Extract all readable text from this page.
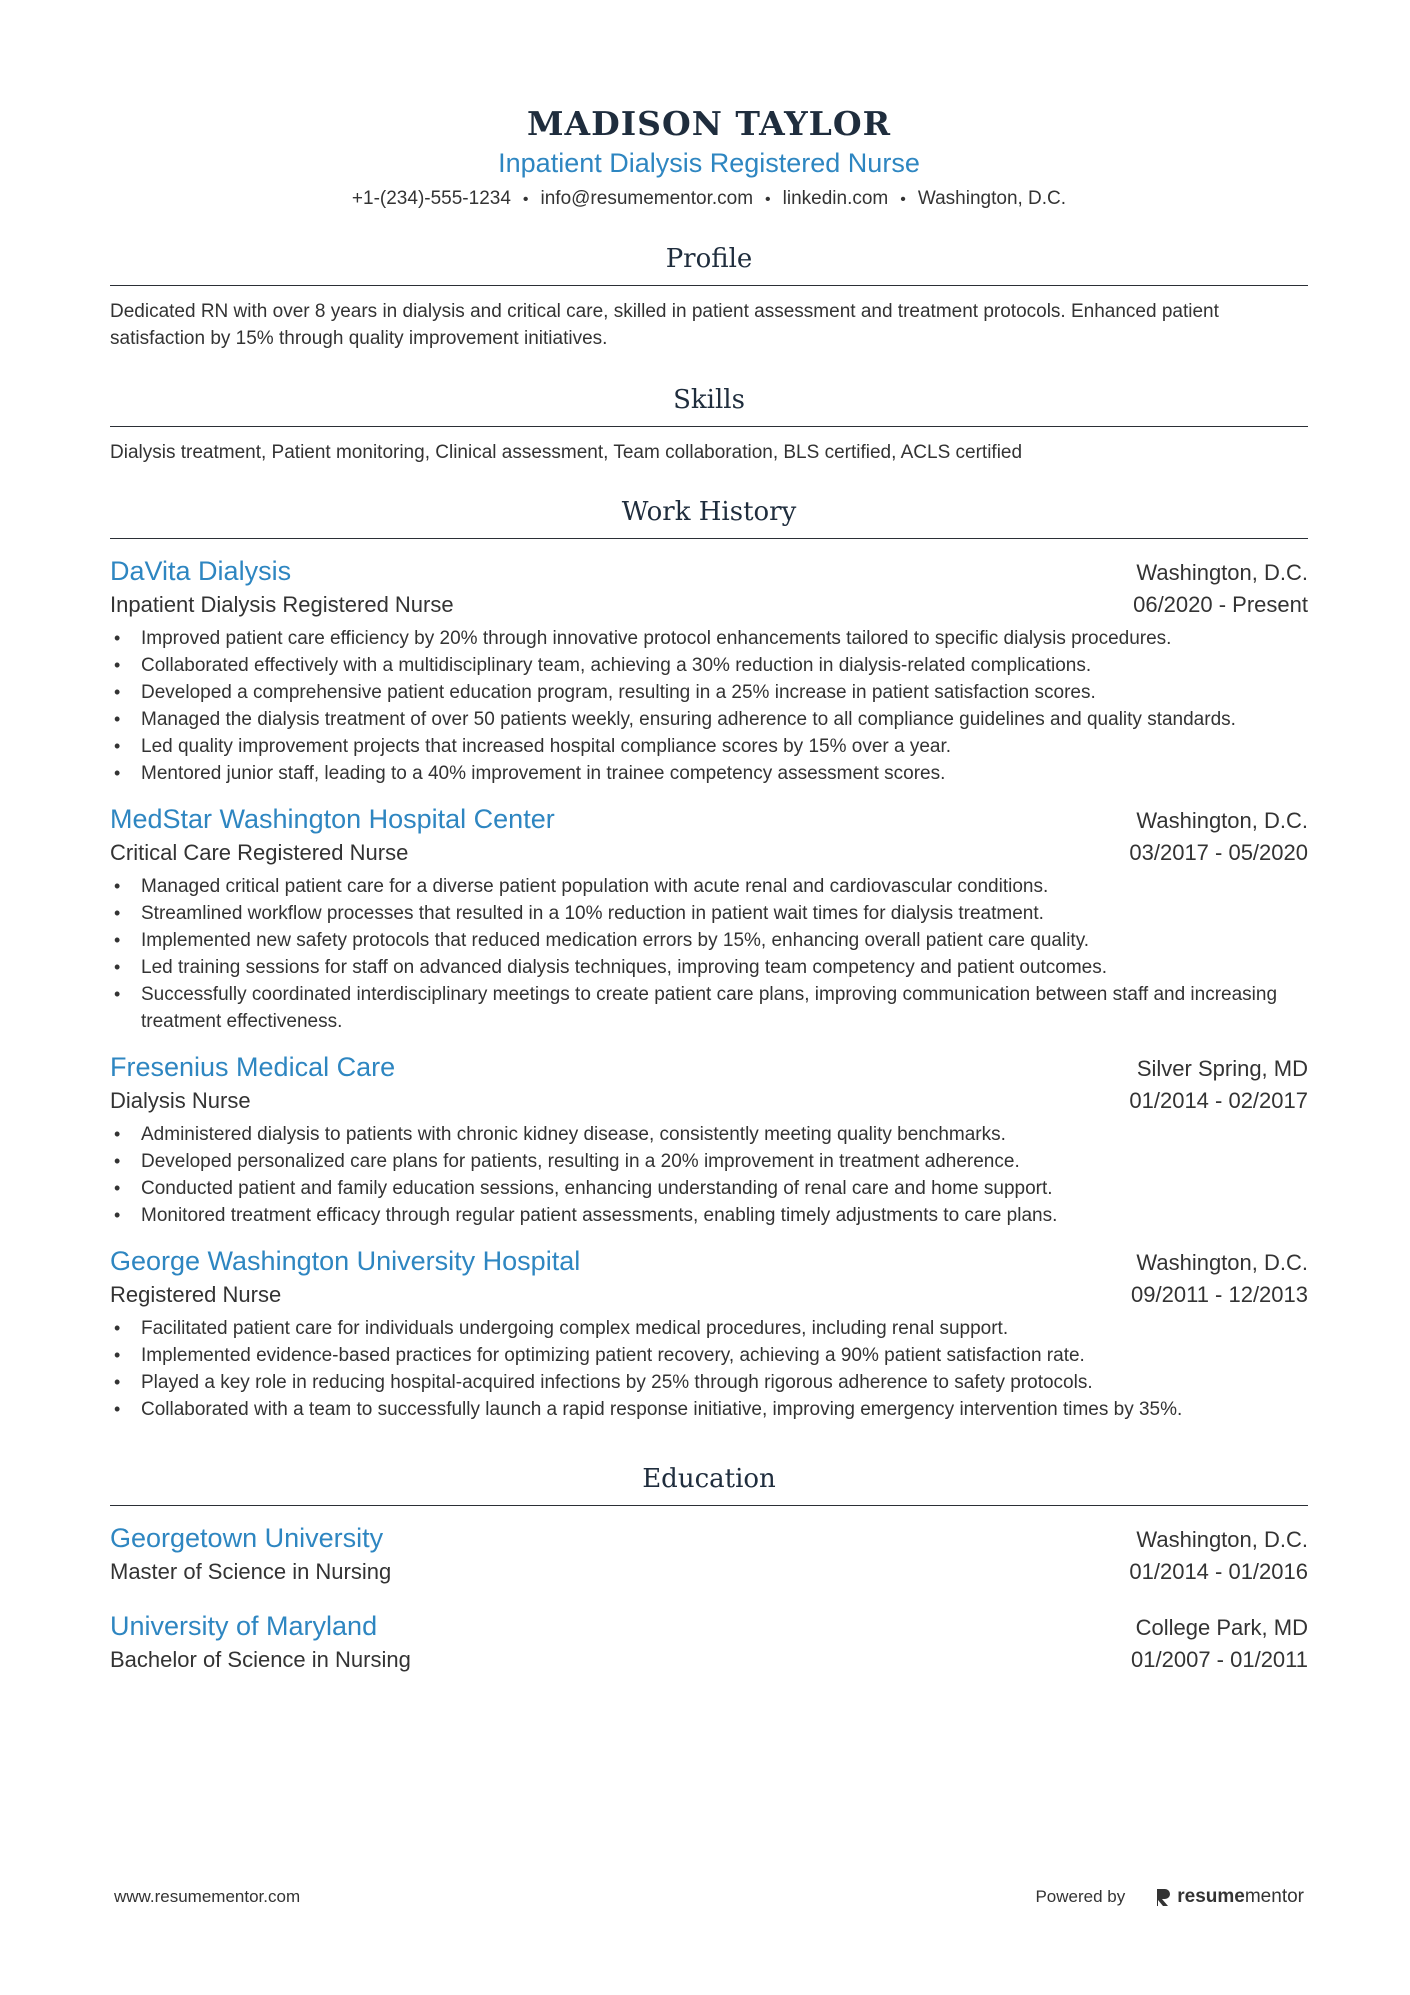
MADISON TAYLOR
Inpatient Dialysis Registered Nurse
+1-(234)-555-1234 • info@resumementor.com • linkedin.com • Washington, D.C.
Profile
Dedicated RN with over 8 years in dialysis and critical care, skilled in patient assessment and treatment protocols. Enhanced patient satisfaction by 15% through quality improvement initiatives.
Skills
Dialysis treatment, Patient monitoring, Clinical assessment, Team collaboration, BLS certified, ACLS certified
Work History
DaVita Dialysis	Washington, D.C.
Inpatient Dialysis Registered Nurse	06/2020 - Present
• Improved patient care efficiency by 20% through innovative protocol enhancements tailored to specific dialysis procedures.
• Collaborated effectively with a multidisciplinary team, achieving a 30% reduction in dialysis-related complications.
• Developed a comprehensive patient education program, resulting in a 25% increase in patient satisfaction scores.
• Managed the dialysis treatment of over 50 patients weekly, ensuring adherence to all compliance guidelines and quality standards.
• Led quality improvement projects that increased hospital compliance scores by 15% over a year.
• Mentored junior staff, leading to a 40% improvement in trainee competency assessment scores.
MedStar Washington Hospital Center	Washington, D.C.
Critical Care Registered Nurse	03/2017 - 05/2020
• Managed critical patient care for a diverse patient population with acute renal and cardiovascular conditions.
• Streamlined workflow processes that resulted in a 10% reduction in patient wait times for dialysis treatment.
• Implemented new safety protocols that reduced medication errors by 15%, enhancing overall patient care quality.
• Led training sessions for staff on advanced dialysis techniques, improving team competency and patient outcomes.
• Successfully coordinated interdisciplinary meetings to create patient care plans, improving communication between staff and increasing treatment effectiveness.
Fresenius Medical Care	Silver Spring, MD
Dialysis Nurse	01/2014 - 02/2017
• Administered dialysis to patients with chronic kidney disease, consistently meeting quality benchmarks.
• Developed personalized care plans for patients, resulting in a 20% improvement in treatment adherence.
• Conducted patient and family education sessions, enhancing understanding of renal care and home support.
• Monitored treatment efficacy through regular patient assessments, enabling timely adjustments to care plans.
George Washington University Hospital	Washington, D.C.
Registered Nurse	09/2011 - 12/2013
• Facilitated patient care for individuals undergoing complex medical procedures, including renal support.
• Implemented evidence-based practices for optimizing patient recovery, achieving a 90% patient satisfaction rate.
• Played a key role in reducing hospital-acquired infections by 25% through rigorous adherence to safety protocols.
• Collaborated with a team to successfully launch a rapid response initiative, improving emergency intervention times by 35%.
Education
Georgetown University	Washington, D.C.
Master of Science in Nursing	01/2014 - 01/2016
University of Maryland	College Park, MD
Bachelor of Science in Nursing	01/2007 - 01/2011
www.resumementor.com	Powered by	resumementor
